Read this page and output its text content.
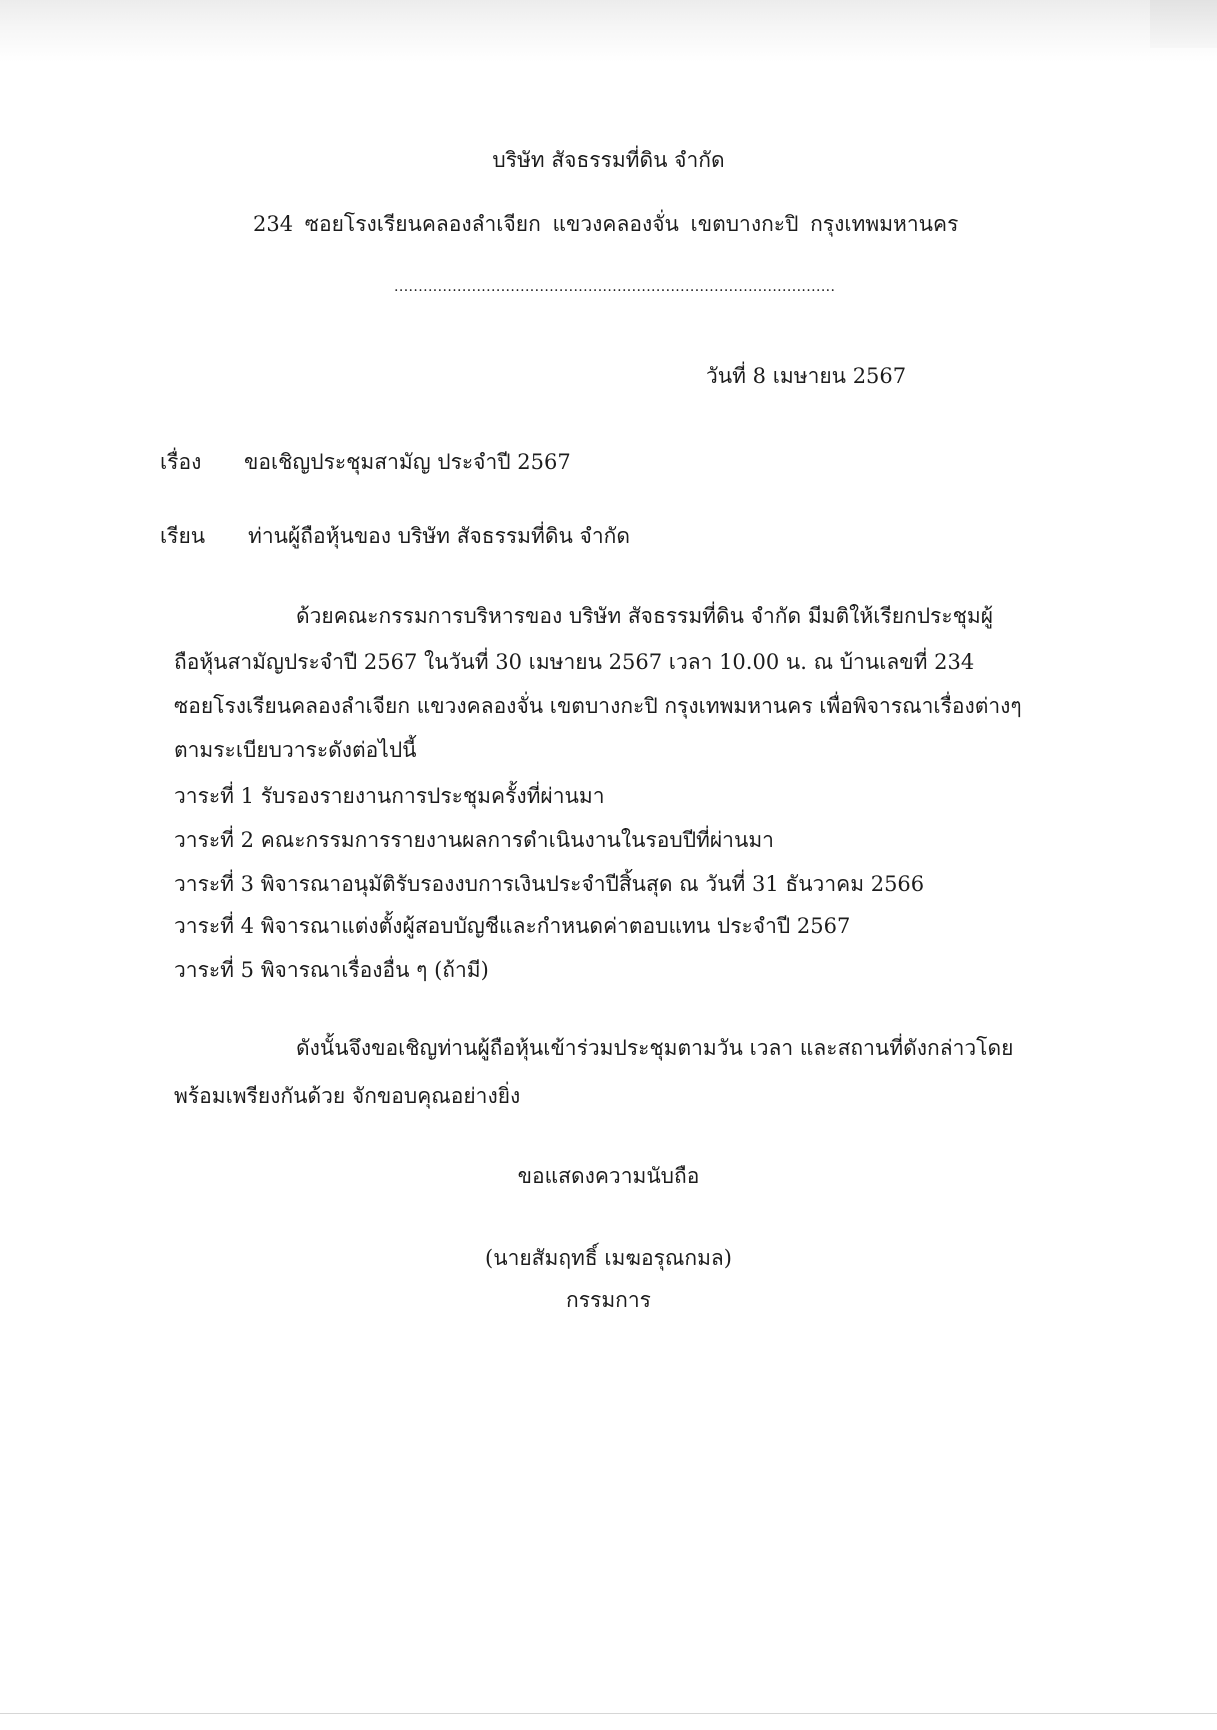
บริษัท สัจธรรมที่ดิน จำกัด
234 ซอยโรงเรียนคลองลำเจียก แขวงคลองจั่น เขตบางกะปิ กรุงเทพมหานคร
...........................................................................................
วันที่ 8 เมษายน 2567
เรื่อง ขอเชิญประชุมสามัญ ประจำปี 2567
เรียน ท่านผู้ถือหุ้นของ บริษัท สัจธรรมที่ดิน จำกัด
ด้วยคณะกรรมการบริหารของ บริษัท สัจธรรมที่ดิน จำกัด มีมติให้เรียกประชุมผู้
ถือหุ้นสามัญประจำปี 2567 ในวันที่ 30 เมษายน 2567 เวลา 10.00 น. ณ บ้านเลขที่ 234
ซอยโรงเรียนคลองลำเจียก แขวงคลองจั่น เขตบางกะปิ กรุงเทพมหานคร เพื่อพิจารณาเรื่องต่างๆ
ตามระเบียบวาระดังต่อไปนี้
วาระที่ 1 รับรองรายงานการประชุมครั้งที่ผ่านมา
วาระที่ 2 คณะกรรมการรายงานผลการดำเนินงานในรอบปีที่ผ่านมา
วาระที่ 3 พิจารณาอนุมัติรับรองงบการเงินประจำปีสิ้นสุด ณ วันที่ 31 ธันวาคม 2566
วาระที่ 4 พิจารณาแต่งตั้งผู้สอบบัญชีและกำหนดค่าตอบแทน ประจำปี 2567
วาระที่ 5 พิจารณาเรื่องอื่น ๆ (ถ้ามี)
ดังนั้นจึงขอเชิญท่านผู้ถือหุ้นเข้าร่วมประชุมตามวัน เวลา และสถานที่ดังกล่าวโดย
พร้อมเพรียงกันด้วย จักขอบคุณอย่างยิ่ง
ขอแสดงความนับถือ
(นายสัมฤทธิ์ เมฆอรุณกมล)
กรรมการ
